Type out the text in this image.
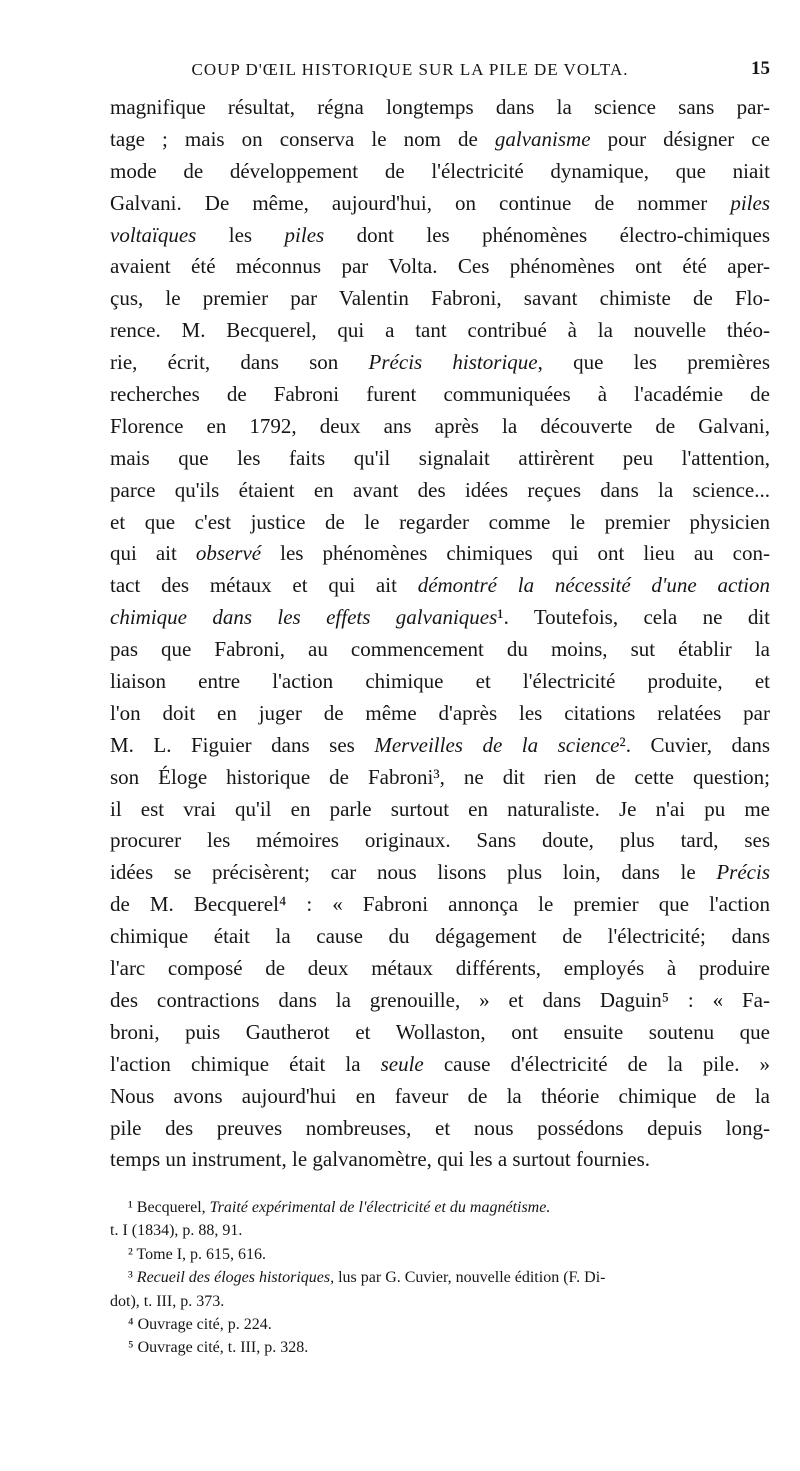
COUP D'ŒIL HISTORIQUE SUR LA PILE DE VOLTA.	15
magnifique résultat, régna longtemps dans la science sans par-
tage ; mais on conserva le nom de galvanisme pour désigner ce
mode de développement de l'électricité dynamique, que niait
Galvani. De même, aujourd'hui, on continue de nommer piles
voltaïques les piles dont les phénomènes électro-chimiques
avaient été méconnus par Volta. Ces phénomènes ont été aper-
çus, le premier par Valentin Fabroni, savant chimiste de Flo-
rence. M. Becquerel, qui a tant contribué à la nouvelle théo-
rie, écrit, dans son Précis historique, que les premières
recherches de Fabroni furent communiquées à l'académie de
Florence en 1792, deux ans après la découverte de Galvani,
mais que les faits qu'il signalait attirèrent peu l'attention,
parce qu'ils étaient en avant des idées reçues dans la science...
et que c'est justice de le regarder comme le premier physicien
qui ait observé les phénomènes chimiques qui ont lieu au con-
tact des métaux et qui ait démontré la nécessité d'une action
chimique dans les effets galvaniques¹. Toutefois, cela ne dit
pas que Fabroni, au commencement du moins, sut établir la
liaison entre l'action chimique et l'électricité produite, et
l'on doit en juger de même d'après les citations relatées par
M. L. Figuier dans ses Merveilles de la science². Cuvier, dans
son Éloge historique de Fabroni³, ne dit rien de cette question;
il est vrai qu'il en parle surtout en naturaliste. Je n'ai pu me
procurer les mémoires originaux. Sans doute, plus tard, ses
idées se précisèrent; car nous lisons plus loin, dans le Précis
de M. Becquerel⁴ : « Fabroni annonça le premier que l'action
chimique était la cause du dégagement de l'électricité; dans
l'arc composé de deux métaux différents, employés à produire
des contractions dans la grenouille, » et dans Daguin⁵ : « Fa-
broni, puis Gautherot et Wollaston, ont ensuite soutenu que
l'action chimique était la seule cause d'électricité de la pile. »
Nous avons aujourd'hui en faveur de la théorie chimique de la
pile des preuves nombreuses, et nous possédons depuis long-
temps un instrument, le galvanomètre, qui les a surtout fournies.
¹ Becquerel, Traité expérimental de l'électricité et du magnétisme.
t. I (1834), p. 88, 91.
² Tome I, p. 615, 616.
³ Recueil des éloges historiques, lus par G. Cuvier, nouvelle édition (F. Di-
dot), t. III, p. 373.
⁴ Ouvrage cité, p. 224.
⁵ Ouvrage cité, t. III, p. 328.
